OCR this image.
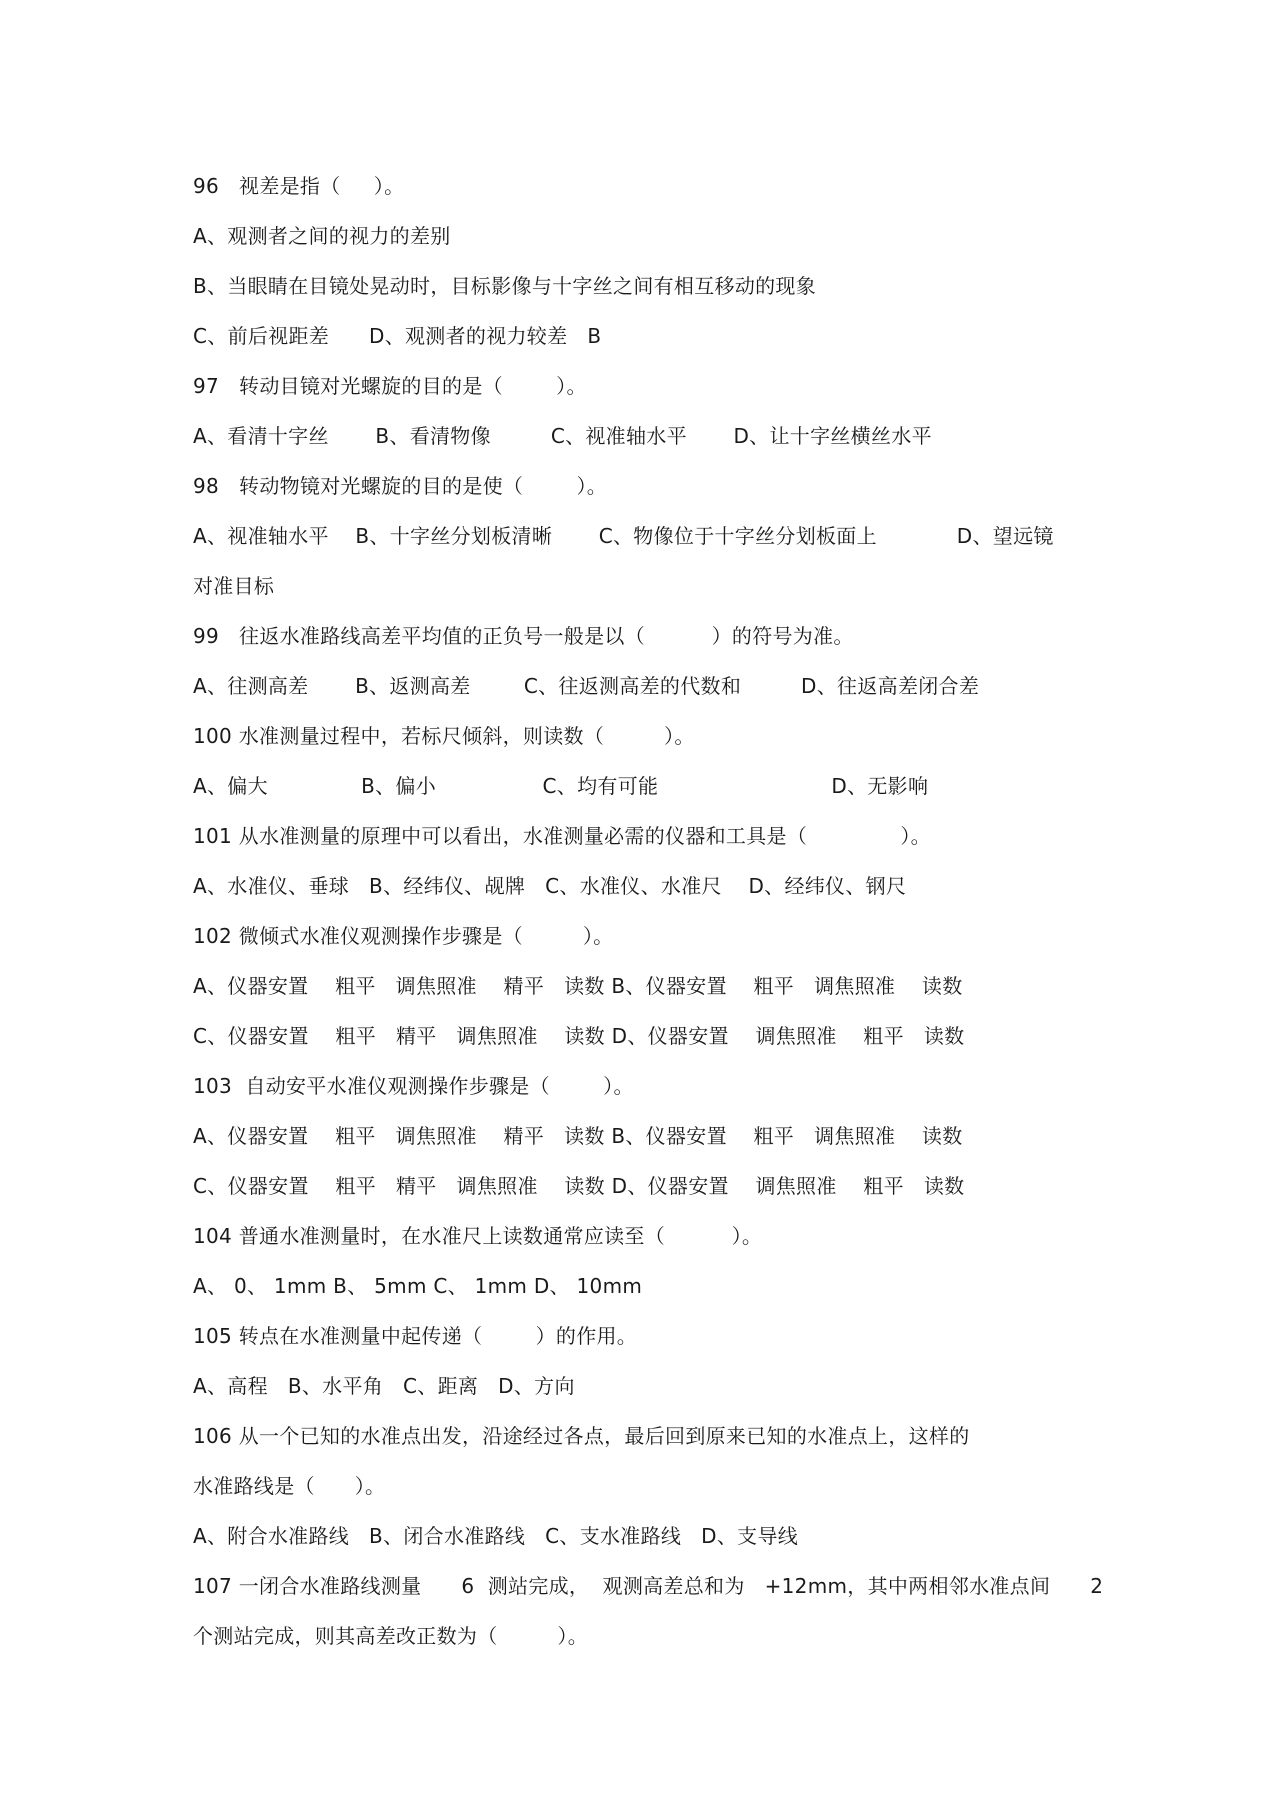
96   视差是指（     ）。
A、观测者之间的视力的差别
B、当眼睛在目镜处晃动时，目标影像与十字丝之间有相互移动的现象
C、前后视距差      D、观测者的视力较差   B
97   转动目镜对光螺旋的目的是（        ）。
A、看清十字丝       B、看清物像         C、视准轴水平       D、让十字丝横丝水平
98   转动物镜对光螺旋的目的是使（        ）。
A、视准轴水平    B、十字丝分划板清晰       C、物像位于十字丝分划板面上            D、望远镜
对准目标
99   往返水准路线高差平均值的正负号一般是以（          ）的符号为准。
A、往测高差       B、返测高差        C、往返测高差的代数和         D、往返高差闭合差
100 水准测量过程中，若标尺倾斜，则读数（         ）。
A、偏大              B、偏小                C、均有可能                          D、无影响
101 从水准测量的原理中可以看出，水准测量必需的仪器和工具是（              ）。
A、水准仪、垂球   B、经纬仪、觇牌   C、水准仪、水准尺    D、经纬仪、钢尺
102 微倾式水准仪观测操作步骤是（         ）。
A、仪器安置    粗平   调焦照准    精平   读数 B、仪器安置    粗平   调焦照准    读数
C、仪器安置    粗平   精平   调焦照准    读数 D、仪器安置    调焦照准    粗平   读数
103  自动安平水准仪观测操作步骤是（        ）。
A、仪器安置    粗平   调焦照准    精平   读数 B、仪器安置    粗平   调焦照准    读数
C、仪器安置    粗平   精平   调焦照准    读数 D、仪器安置    调焦照准    粗平   读数
104 普通水准测量时，在水准尺上读数通常应读至（          ）。
A、 0、 1mm B、 5mm C、 1mm D、 10mm
105 转点在水准测量中起传递（        ）的作用。
A、高程   B、水平角   C、距离   D、方向
106 从一个已知的水准点出发，沿途经过各点，最后回到原来已知的水准点上，这样的
水准路线是（      ）。
A、附合水准路线   B、闭合水准路线   C、支水准路线   D、支导线
107 一闭合水准路线测量      6  测站完成，  观测高差总和为   +12mm，其中两相邻水准点间      2
个测站完成，则其高差改正数为（         ）。
